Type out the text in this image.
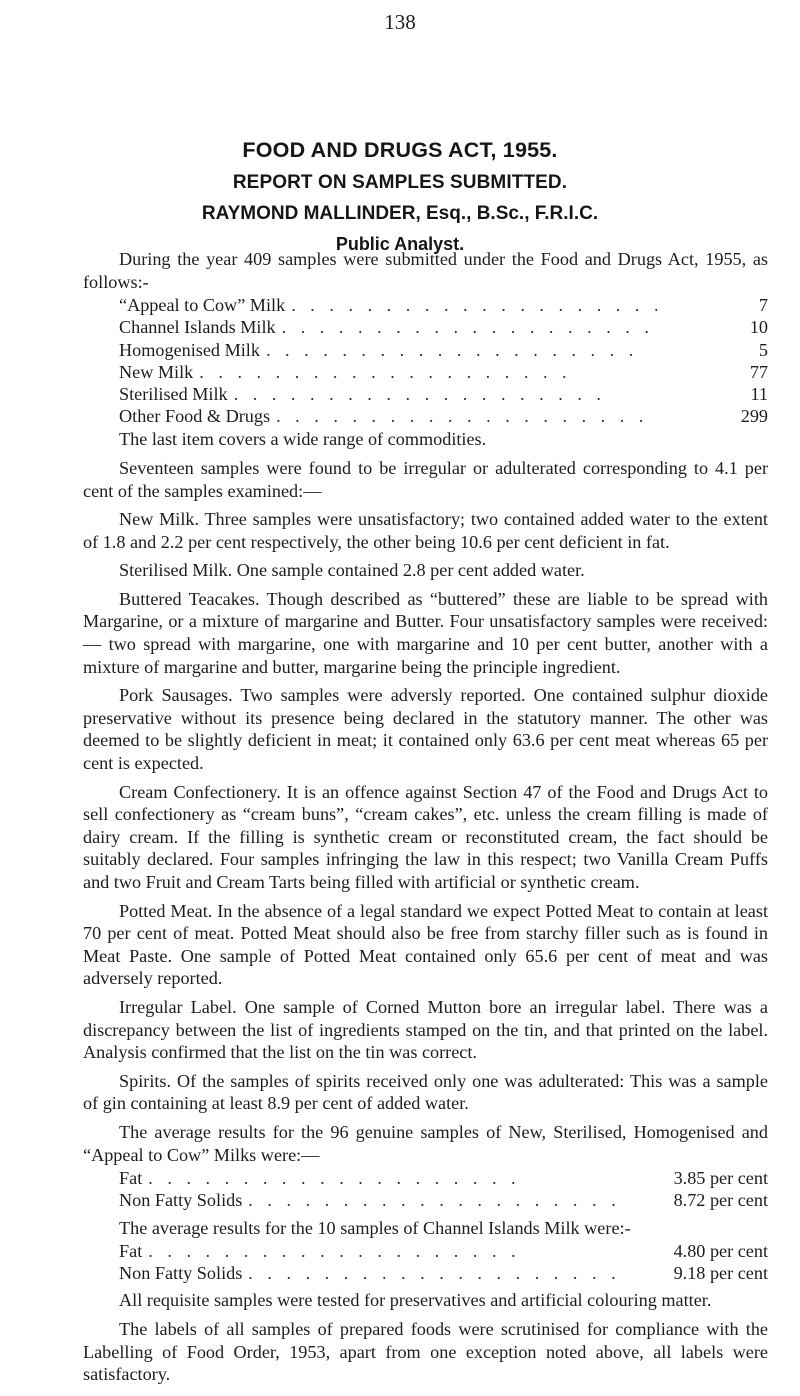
138
FOOD AND DRUGS ACT, 1955.
REPORT ON SAMPLES SUBMITTED.
RAYMOND MALLINDER, Esq., B.Sc., F.R.I.C.
Public Analyst.

During the year 409 samples were submitted under the Food and Drugs Act, 1955, as follows:-

“Appeal to Cow” Milk . . . . . . . . . . . . . . . . . . . .	7
Channel Islands Milk . . . . . . . . . . . . . . . . . . . .	10
Homogenised Milk . . . . . . . . . . . . . . . . . . . .	5
New Milk . . . . . . . . . . . . . . . . . . . .	77
Sterilised Milk . . . . . . . . . . . . . . . . . . . .	11
Other Food & Drugs . . . . . . . . . . . . . . . . . . . .	299

The last item covers a wide range of commodities.

Seventeen samples were found to be irregular or adulterated corresponding to 4.1 per cent of the samples examined:—

New Milk. Three samples were unsatisfactory; two contained added water to the extent of 1.8 and 2.2 per cent respectively, the other being 10.6 per cent deficient in fat.

Sterilised Milk. One sample contained 2.8 per cent added water.

Buttered Teacakes. Though described as “buttered” these are liable to be spread with Margarine, or a mixture of margarine and Butter. Four unsatisfactory samples were received:— two spread with margarine, one with margarine and 10 per cent butter, another with a mixture of margarine and butter, margarine being the principle ingredient.

Pork Sausages. Two samples were adversly reported. One contained sulphur dioxide preservative without its presence being declared in the statutory manner. The other was deemed to be slightly deficient in meat; it contained only 63.6 per cent meat whereas 65 per cent is expected.

Cream Confectionery. It is an offence against Section 47 of the Food and Drugs Act to sell confectionery as “cream buns”, “cream cakes”, etc. unless the cream filling is made of dairy cream. If the filling is synthetic cream or reconstituted cream, the fact should be suitably declared. Four samples infringing the law in this respect; two Vanilla Cream Puffs and two Fruit and Cream Tarts being filled with artificial or synthetic cream.

Potted Meat. In the absence of a legal standard we expect Potted Meat to contain at least 70 per cent of meat. Potted Meat should also be free from starchy filler such as is found in Meat Paste. One sample of Potted Meat contained only 65.6 per cent of meat and was adversely reported.

Irregular Label. One sample of Corned Mutton bore an irregular label. There was a discrepancy between the list of ingredients stamped on the tin, and that printed on the label. Analysis confirmed that the list on the tin was correct.

Spirits. Of the samples of spirits received only one was adulterated: This was a sample of gin containing at least 8.9 per cent of added water.

The average results for the 96 genuine samples of New, Sterilised, Homogenised and “Appeal to Cow” Milks were:—

Fat . . . . . . . . . . . . . . . . . . . .	3.85 per cent
Non Fatty Solids . . . . . . . . . . . . . . . . . . . .	8.72 per cent

The average results for the 10 samples of Channel Islands Milk were:-

Fat . . . . . . . . . . . . . . . . . . . .	4.80 per cent
Non Fatty Solids . . . . . . . . . . . . . . . . . . . .	9.18 per cent

All requisite samples were tested for preservatives and artificial colouring matter.

The labels of all samples of prepared foods were scrutinised for compliance with the Labelling of Food Order, 1953, apart from one exception noted above, all labels were satisfactory.
